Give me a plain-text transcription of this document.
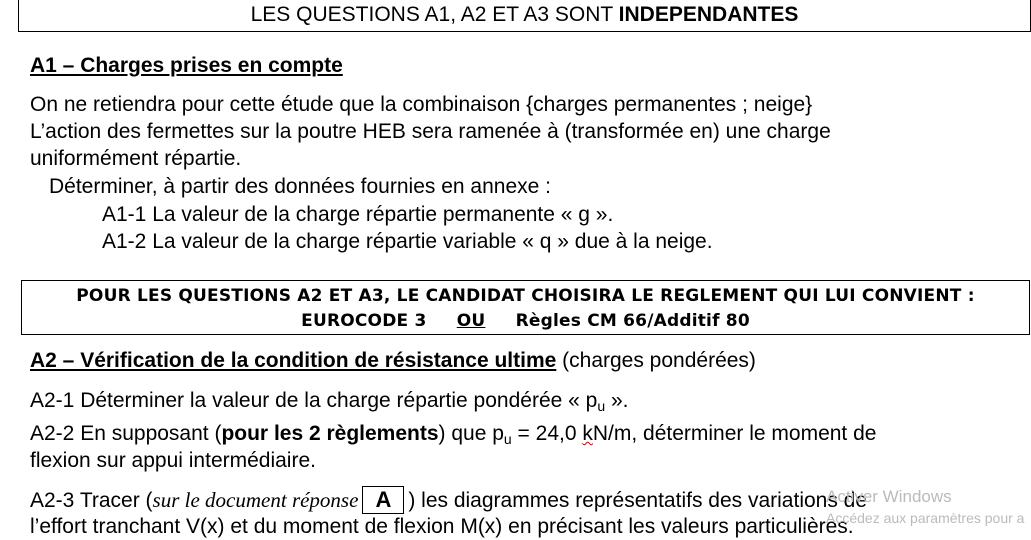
LES QUESTIONS A1, A2 ET A3 SONT INDEPENDANTES
A1 – Charges prises en compte
On ne retiendra pour cette étude que la combinaison {charges permanentes ; neige}
L’action des fermettes sur la poutre HEB sera ramenée à (transformée en) une charge
uniformément répartie.
Déterminer, à partir des données fournies en annexe :
A1-1 La valeur de la charge répartie permanente « g ».
A1-2 La valeur de la charge répartie variable « q » due à la neige.
POUR LES QUESTIONS A2 ET A3, LE CANDIDAT CHOISIRA LE REGLEMENT QUI LUI CONVIENT :
EUROCODE 3 OU Règles CM 66/Additif 80
A2 – Vérification de la condition de résistance ultime (charges pondérées)
A2-1 Déterminer la valeur de la charge répartie pondérée « $p_u$ ».
A2-2 En supposant (pour les 2 règlements) que $p_u = 24,0$ kN/m, déterminer le moment de
flexion sur appui intermédiaire.
A2-3 Tracer (sur le document réponse A ) les diagrammes représentatifs des variations de
l’effort tranchant V(x) et du moment de flexion M(x) en précisant les valeurs particulières.
Activer Windows
Accédez aux paramètres pour a
